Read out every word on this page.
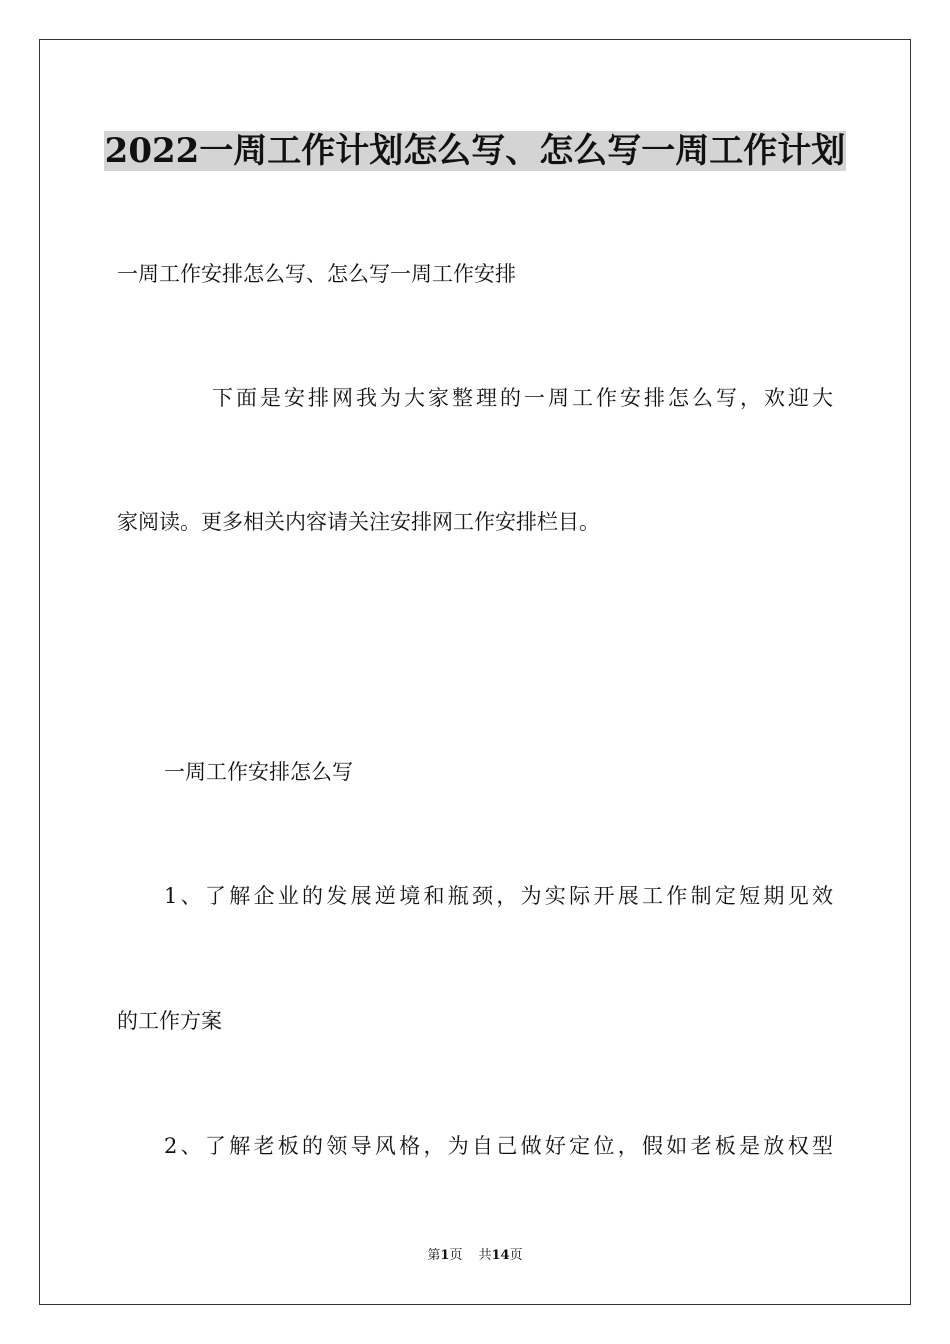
2022一周工作计划怎么写、怎么写一周工作计划

一周工作安排怎么写、怎么写一周工作安排

下面是安排网我为大家整理的一周工作安排怎么写，欢迎大

家阅读。更多相关内容请关注安排网工作安排栏目。

一周工作安排怎么写

1、了解企业的发展逆境和瓶颈，为实际开展工作制定短期见效

的工作方案

2、了解老板的领导风格，为自己做好定位，假如老板是放权型

第1页 共14页
